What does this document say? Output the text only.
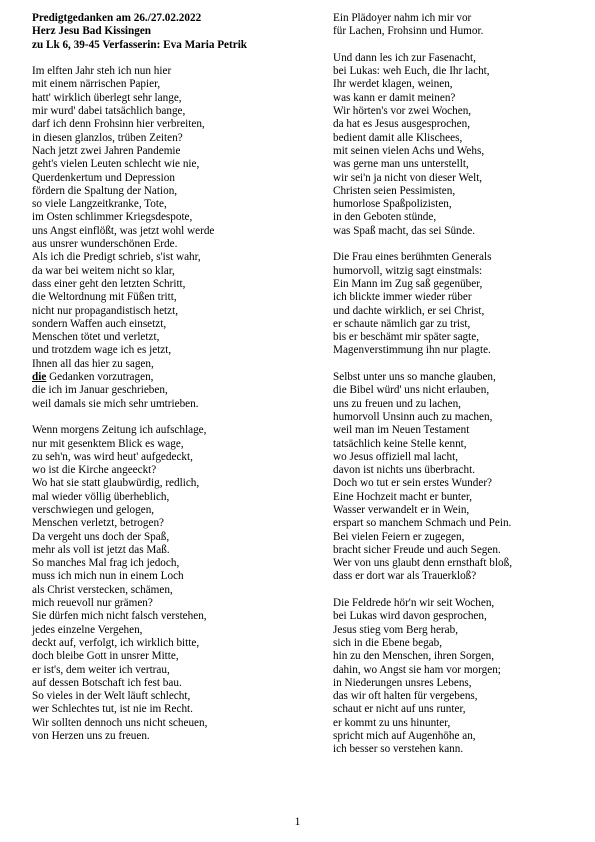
Predigtgedanken am 26./27.02.2022
Herz Jesu Bad Kissingen
zu Lk 6, 39-45 Verfasserin: Eva Maria Petrik
Im elften Jahr steh ich nun hier
mit einem närrischen Papier,
hatt' wirklich überlegt sehr lange,
mir wurd' dabei tatsächlich bange,
darf ich denn Frohsinn hier verbreiten,
in diesen glanzlos, trüben Zeiten?
Nach jetzt zwei Jahren Pandemie
geht's vielen Leuten schlecht wie nie,
Querdenkertum und Depression
fördern die Spaltung der Nation,
so viele Langzeitkranke, Tote,
im Osten schlimmer Kriegsdespote,
uns Angst einflößt, was jetzt wohl werde
aus unsrer wunderschönen Erde.
Als ich die Predigt schrieb, s'ist wahr,
da war bei weitem nicht so klar,
dass einer geht den letzten Schritt,
die Weltordnung mit Füßen tritt,
nicht nur propagandistisch hetzt,
sondern Waffen auch einsetzt,
Menschen tötet und verletzt,
und trotzdem wage ich es jetzt,
Ihnen all das hier zu sagen,
die Gedanken vorzutragen,
die ich im Januar geschrieben,
weil damals sie mich sehr umtrieben.
Wenn morgens Zeitung ich aufschlage,
nur mit gesenktem Blick es wage,
zu seh'n, was wird heut' aufgedeckt,
wo ist die Kirche angeeckt?
Wo hat sie statt glaubwürdig, redlich,
mal wieder völlig überheblich,
verschwiegen und gelogen,
Menschen verletzt, betrogen?
Da vergeht uns doch der Spaß,
mehr als voll ist jetzt das Maß.
So manches Mal frag ich jedoch,
muss ich mich nun in einem Loch
als Christ verstecken, schämen,
mich reuevoll nur grämen?
Sie dürfen mich nicht falsch verstehen,
jedes einzelne Vergehen,
deckt auf, verfolgt, ich wirklich bitte,
doch bleibe Gott in unsrer Mitte,
er ist's, dem weiter ich vertrau,
auf dessen Botschaft ich fest bau.
So vieles in der Welt läuft schlecht,
wer Schlechtes tut, ist nie im Recht.
Wir sollten dennoch uns nicht scheuen,
von Herzen uns zu freuen.
Ein Plädoyer nahm ich mir vor
für Lachen, Frohsinn und Humor.
Und dann les ich zur Fasenacht,
bei Lukas: weh Euch, die Ihr lacht,
Ihr werdet klagen, weinen,
was kann er damit meinen?
Wir hörten's vor zwei Wochen,
da hat es Jesus ausgesprochen,
bedient damit alle Klischees,
mit seinen vielen Achs und Wehs,
was gerne man uns unterstellt,
wir sei'n ja nicht von dieser Welt,
Christen seien Pessimisten,
humorlose Spaßpolizisten,
in den Geboten stünde,
was Spaß macht, das sei Sünde.
Die Frau eines berühmten Generals
humorvoll, witzig sagt einstmals:
Ein Mann im Zug saß gegenüber,
ich blickte immer wieder rüber
und dachte wirklich, er sei Christ,
er schaute nämlich gar zu trist,
bis er beschämt mir später sagte,
Magenverstimmung ihn nur plagte.
Selbst unter uns so manche glauben,
die Bibel würd' uns nicht erlauben,
uns zu freuen und zu lachen,
humorvoll Unsinn auch zu machen,
weil man im Neuen Testament
tatsächlich keine Stelle kennt,
wo Jesus offiziell mal lacht,
davon ist nichts uns überbracht.
Doch wo tut er sein erstes Wunder?
Eine Hochzeit macht er bunter,
Wasser verwandelt er in Wein,
erspart so manchem Schmach und Pein.
Bei vielen Feiern er zugegen,
bracht sicher Freude und auch Segen.
Wer von uns glaubt denn ernsthaft bloß,
dass er dort war als Trauerkloß?
Die Feldrede hör'n wir seit Wochen,
bei Lukas wird davon gesprochen,
Jesus stieg vom Berg herab,
sich in die Ebene begab,
hin zu den Menschen, ihren Sorgen,
dahin, wo Angst sie ham vor morgen;
in Niederungen unsres Lebens,
das wir oft halten für vergebens,
schaut er nicht auf uns runter,
er kommt zu uns hinunter,
spricht mich auf Augenhöhe an,
ich besser so verstehen kann.
1
